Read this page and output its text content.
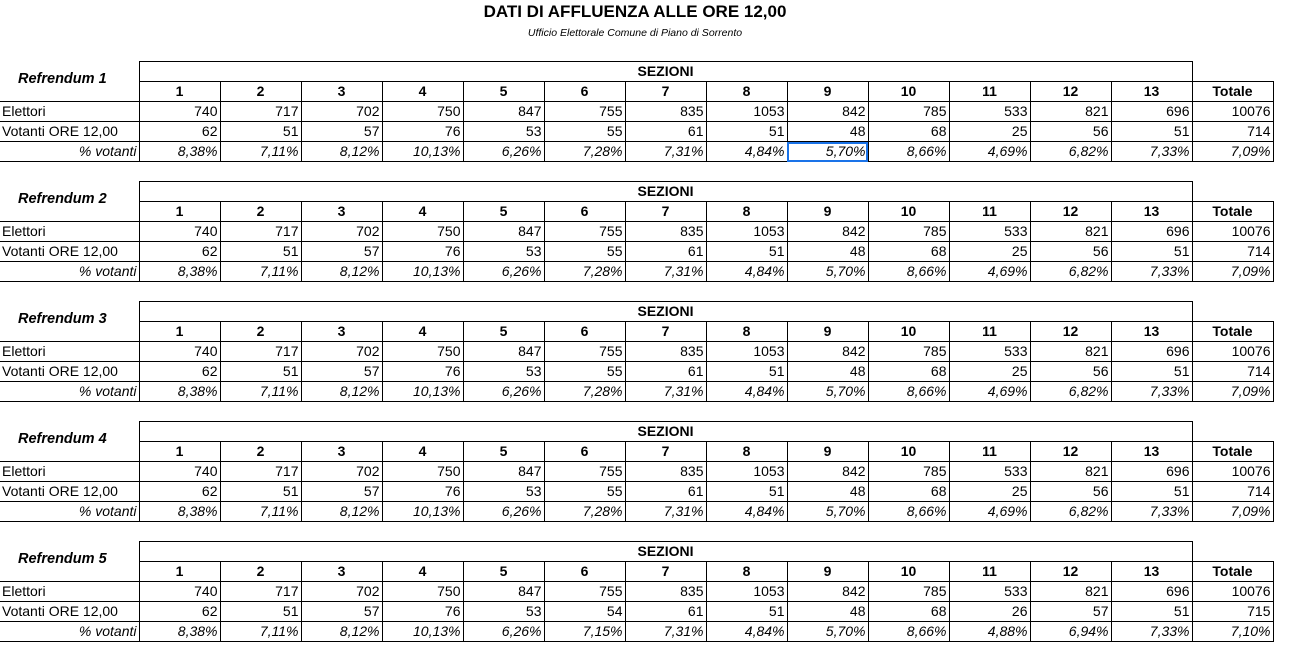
DATI DI AFFLUENZA ALLE ORE 12,00
Ufficio Elettorale Comune di Piano di Sorrento
Refrendum 1
		SEZIONI													
	1	2	3	4	5	6	7	8	9	10	11	12	13	Totale
Elettori	740	717	702	750	847	755	835	1053	842	785	533	821	696	10076
Votanti ORE 12,00	62	51	57	76	53	55	61	51	48	68	25	56	51	714
% votanti	8,38%	7,11%	8,12%	10,13%	6,26%	7,28%	7,31%	4,84%	5,70%	8,66%	4,69%	6,82%	7,33%	7,09%
Refrendum 2
		SEZIONI													
	1	2	3	4	5	6	7	8	9	10	11	12	13	Totale
Elettori	740	717	702	750	847	755	835	1053	842	785	533	821	696	10076
Votanti ORE 12,00	62	51	57	76	53	55	61	51	48	68	25	56	51	714
% votanti	8,38%	7,11%	8,12%	10,13%	6,26%	7,28%	7,31%	4,84%	5,70%	8,66%	4,69%	6,82%	7,33%	7,09%
Refrendum 3
		SEZIONI													
	1	2	3	4	5	6	7	8	9	10	11	12	13	Totale
Elettori	740	717	702	750	847	755	835	1053	842	785	533	821	696	10076
Votanti ORE 12,00	62	51	57	76	53	55	61	51	48	68	25	56	51	714
% votanti	8,38%	7,11%	8,12%	10,13%	6,26%	7,28%	7,31%	4,84%	5,70%	8,66%	4,69%	6,82%	7,33%	7,09%
Refrendum 4
		SEZIONI													
	1	2	3	4	5	6	7	8	9	10	11	12	13	Totale
Elettori	740	717	702	750	847	755	835	1053	842	785	533	821	696	10076
Votanti ORE 12,00	62	51	57	76	53	55	61	51	48	68	25	56	51	714
% votanti	8,38%	7,11%	8,12%	10,13%	6,26%	7,28%	7,31%	4,84%	5,70%	8,66%	4,69%	6,82%	7,33%	7,09%
Refrendum 5
		SEZIONI													
	1	2	3	4	5	6	7	8	9	10	11	12	13	Totale
Elettori	740	717	702	750	847	755	835	1053	842	785	533	821	696	10076
Votanti ORE 12,00	62	51	57	76	53	54	61	51	48	68	26	57	51	715
% votanti	8,38%	7,11%	8,12%	10,13%	6,26%	7,15%	7,31%	4,84%	5,70%	8,66%	4,88%	6,94%	7,33%	7,10%
